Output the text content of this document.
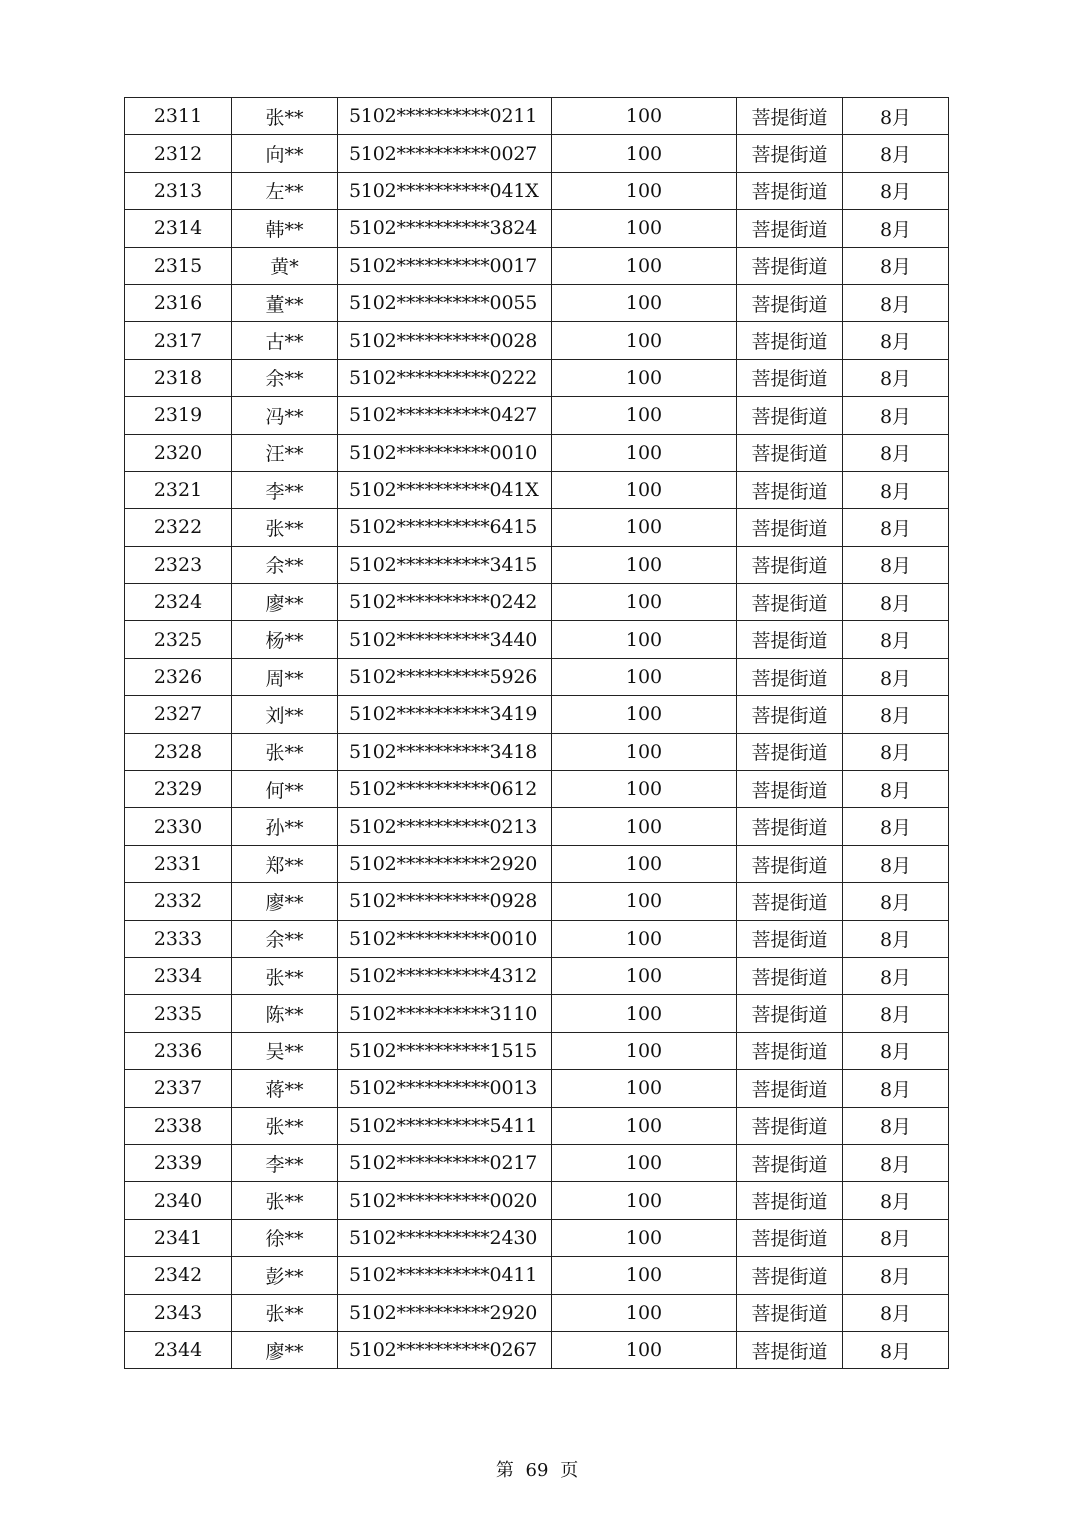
2311	张**	5102**********0211	100	菩提街道	8月
2312	向**	5102**********0027	100	菩提街道	8月
2313	左**	5102**********041X	100	菩提街道	8月
2314	韩**	5102**********3824	100	菩提街道	8月
2315	黄*	5102**********0017	100	菩提街道	8月
2316	董**	5102**********0055	100	菩提街道	8月
2317	古**	5102**********0028	100	菩提街道	8月
2318	余**	5102**********0222	100	菩提街道	8月
2319	冯**	5102**********0427	100	菩提街道	8月
2320	汪**	5102**********0010	100	菩提街道	8月
2321	李**	5102**********041X	100	菩提街道	8月
2322	张**	5102**********6415	100	菩提街道	8月
2323	余**	5102**********3415	100	菩提街道	8月
2324	廖**	5102**********0242	100	菩提街道	8月
2325	杨**	5102**********3440	100	菩提街道	8月
2326	周**	5102**********5926	100	菩提街道	8月
2327	刘**	5102**********3419	100	菩提街道	8月
2328	张**	5102**********3418	100	菩提街道	8月
2329	何**	5102**********0612	100	菩提街道	8月
2330	孙**	5102**********0213	100	菩提街道	8月
2331	郑**	5102**********2920	100	菩提街道	8月
2332	廖**	5102**********0928	100	菩提街道	8月
2333	余**	5102**********0010	100	菩提街道	8月
2334	张**	5102**********4312	100	菩提街道	8月
2335	陈**	5102**********3110	100	菩提街道	8月
2336	吴**	5102**********1515	100	菩提街道	8月
2337	蒋**	5102**********0013	100	菩提街道	8月
2338	张**	5102**********5411	100	菩提街道	8月
2339	李**	5102**********0217	100	菩提街道	8月
2340	张**	5102**********0020	100	菩提街道	8月
2341	徐**	5102**********2430	100	菩提街道	8月
2342	彭**	5102**********0411	100	菩提街道	8月
2343	张**	5102**********2920	100	菩提街道	8月
2344	廖**	5102**********0267	100	菩提街道	8月
第 69 页
